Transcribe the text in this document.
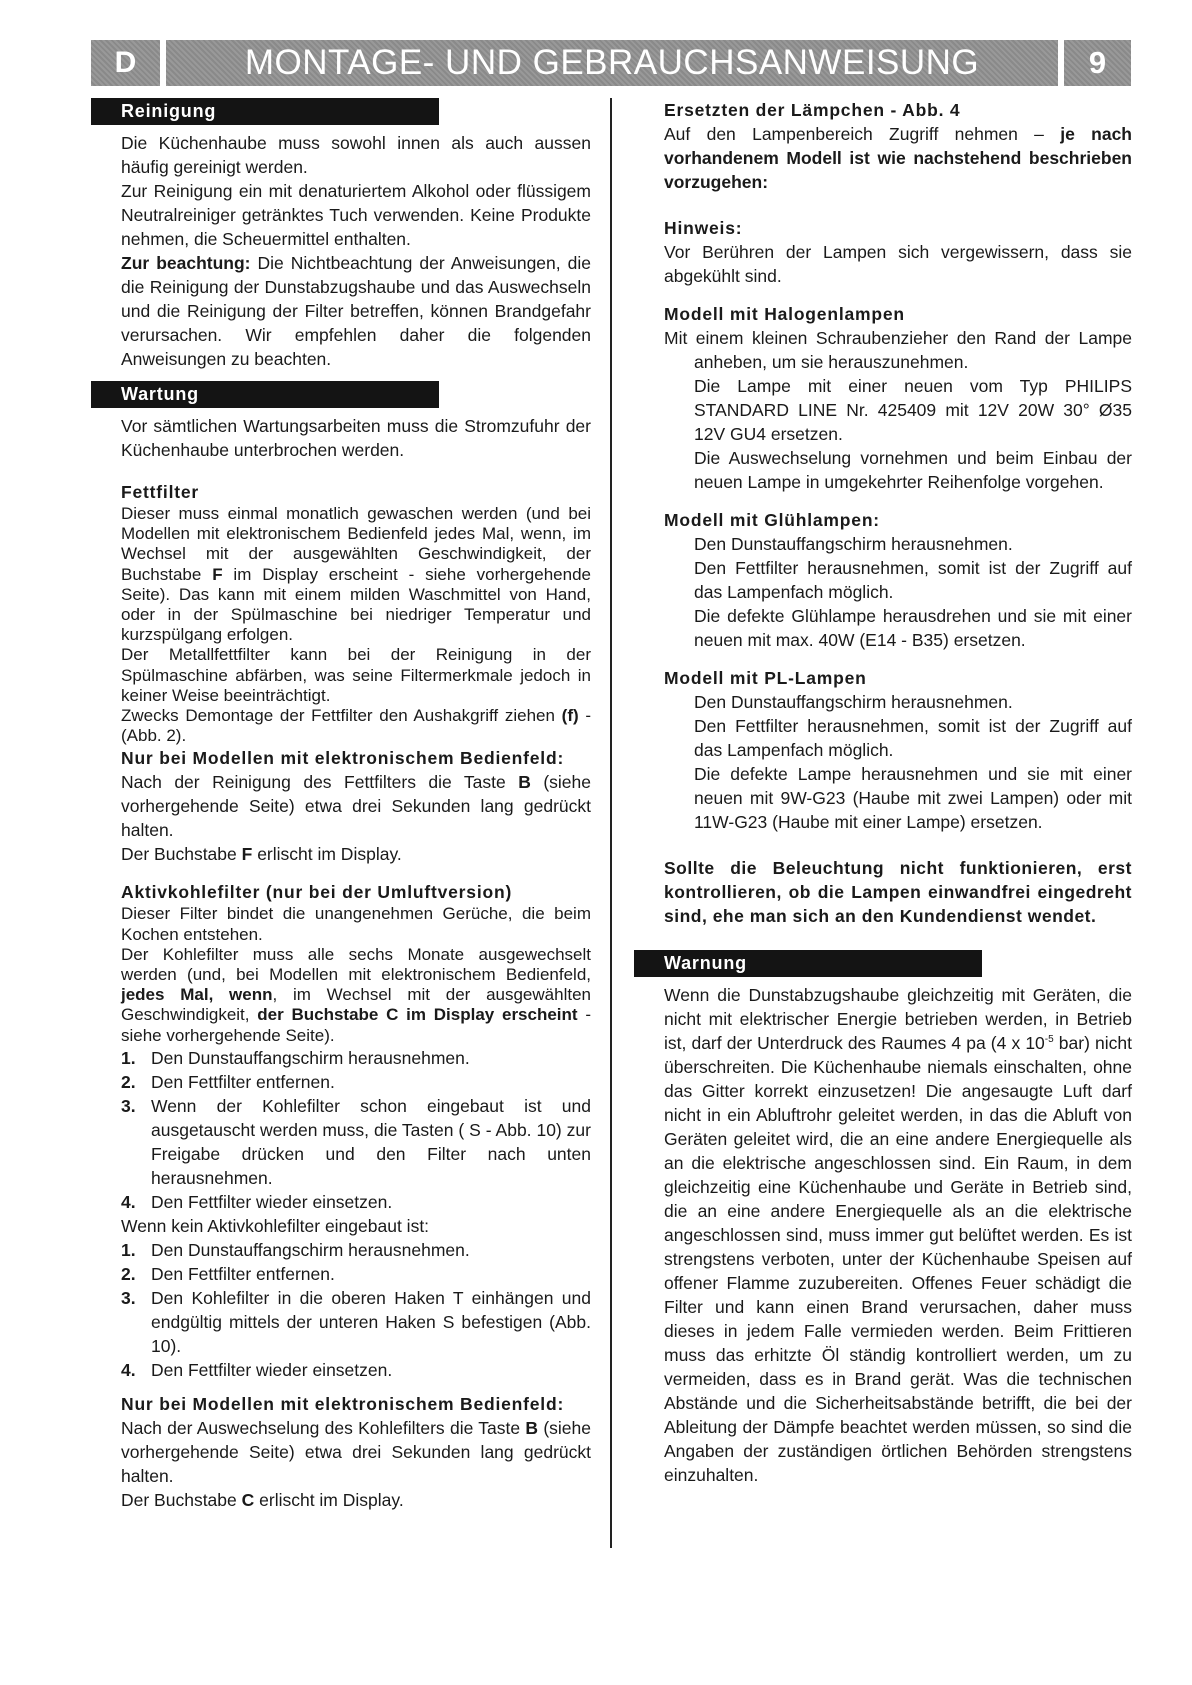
D	MONTAGE- UND GEBRAUCHSANWEISUNG	9
Reinigung

Die Küchenhaube muss sowohl innen als auch aussen häufig gereinigt werden.

Zur Reinigung ein mit denaturiertem Alkohol oder flüssigem Neutralreiniger getränktes Tuch verwenden. Keine Produkte nehmen, die Scheuermittel enthalten.

Zur beachtung: Die Nichtbeachtung der Anweisungen, die die Reinigung der Dunstabzugshaube und das Auswechseln und die Reinigung der Filter betreffen, können Brandgefahr verursachen. Wir empfehlen daher die folgenden Anweisungen zu beachten.

Wartung

Vor sämtlichen Wartungsarbeiten muss die Stromzufuhr der Küchenhaube unterbrochen werden.

Fettfilter

Dieser muss einmal monatlich gewaschen werden (und bei Modellen mit elektronischem Bedienfeld jedes Mal, wenn, im Wechsel mit der ausgewählten Geschwindigkeit, der Buchstabe F im Display erscheint - siehe vorhergehende Seite). Das kann mit einem milden Waschmittel von Hand, oder in der Spülmaschine bei niedriger Temperatur und kurzspülgang erfolgen.

Der Metallfettfilter kann bei der Reinigung in der Spülmaschine abfärben, was seine Filtermerkmale jedoch in keiner Weise beeinträchtigt.

Zwecks Demontage der Fettfilter den Aushakgriff ziehen (f) - (Abb. 2).

Nur bei Modellen mit elektronischem Bedienfeld:

Nach der Reinigung des Fettfilters die Taste B (siehe vorhergehende Seite) etwa drei Sekunden lang gedrückt halten.

Der Buchstabe F erlischt im Display.

Aktivkohlefilter (nur bei der Umluftversion)

Dieser Filter bindet die unangenehmen Gerüche, die beim Kochen entstehen.

Der Kohlefilter muss alle sechs Monate ausgewechselt werden (und, bei Modellen mit elektronischem Bedienfeld, jedes Mal, wenn, im Wechsel mit der ausgewählten Geschwindigkeit, der Buchstabe C im Display erscheint - siehe vorhergehende Seite).

1. Den Dunstauffangschirm herausnehmen.
2. Den Fettfilter entfernen.
3. Wenn der Kohlefilter schon eingebaut ist und ausgetauscht werden muss, die Tasten ( S - Abb. 10) zur Freigabe drücken und den Filter nach unten herausnehmen.
4. Den Fettfilter wieder einsetzen.

Wenn kein Aktivkohlefilter eingebaut ist:

1. Den Dunstauffangschirm herausnehmen.
2. Den Fettfilter entfernen.
3. Den Kohlefilter in die oberen Haken T einhängen und endgültig mittels der unteren Haken S befestigen (Abb. 10).
4. Den Fettfilter wieder einsetzen.
Nur bei Modellen mit elektronischem Bedienfeld:

Nach der Auswechselung des Kohlefilters die Taste B (siehe vorhergehende Seite) etwa drei Sekunden lang gedrückt halten.

Der Buchstabe C erlischt im Display.

Ersetzten der Lämpchen - Abb. 4

Auf den Lampenbereich Zugriff nehmen – je nach vorhandenem Modell ist wie nachstehend beschrieben vorzugehen:

Hinweis:

Vor Berühren der Lampen sich vergewissern, dass sie abgekühlt sind.

Modell mit Halogenlampen

Mit einem kleinen Schraubenzieher den Rand der Lampe anheben, um sie herauszunehmen.

Die Lampe mit einer neuen vom Typ PHILIPS STANDARD LINE Nr. 425409 mit 12V 20W 30° Ø35 12V GU4 ersetzen.

Die Auswechselung vornehmen und beim Einbau der neuen Lampe in umgekehrter Reihenfolge vorgehen.

Modell mit Glühlampen:

Den Dunstauffangschirm herausnehmen.

Den Fettfilter herausnehmen, somit ist der Zugriff auf das Lampenfach möglich.

Die defekte Glühlampe herausdrehen und sie mit einer neuen mit max. 40W (E14 - B35) ersetzen.

Modell mit PL-Lampen

Den Dunstauffangschirm herausnehmen.

Den Fettfilter herausnehmen, somit ist der Zugriff auf das Lampenfach möglich.

Die defekte Lampe herausnehmen und sie mit einer neuen mit 9W-G23 (Haube mit zwei Lampen) oder mit 11W-G23 (Haube mit einer Lampe) ersetzen.

Sollte die Beleuchtung nicht funktionieren, erst kontrollieren, ob die Lampen einwandfrei eingedreht sind, ehe man sich an den Kundendienst wendet.

Warnung

Wenn die Dunstabzugshaube gleichzeitig mit Geräten, die nicht mit elektrischer Energie betrieben werden, in Betrieb ist, darf der Unterdruck des Raumes 4 pa (4 x $10^{-5}$ bar) nicht überschreiten. Die Küchenhaube niemals einschalten, ohne das Gitter korrekt einzusetzen! Die angesaugte Luft darf nicht in ein Abluftrohr geleitet werden, in das die Abluft von Geräten geleitet wird, die an eine andere Energiequelle als an die elektrische angeschlossen sind. Ein Raum, in dem gleichzeitig eine Küchenhaube und Geräte in Betrieb sind, die an eine andere Energiequelle als an die elektrische angeschlossen sind, muss immer gut belüftet werden. Es ist strengstens verboten, unter der Küchenhaube Speisen auf offener Flamme zuzubereiten. Offenes Feuer schädigt die Filter und kann einen Brand verursachen, daher muss dieses in jedem Falle vermieden werden. Beim Frittieren muss das erhitzte Öl ständig kontrolliert werden, um zu vermeiden, dass es in Brand gerät. Was die technischen Abstände und die Sicherheitsabstände betrifft, die bei der Ableitung der Dämpfe beachtet werden müssen, so sind die Angaben der zuständigen örtlichen Behörden strengstens einzuhalten.
